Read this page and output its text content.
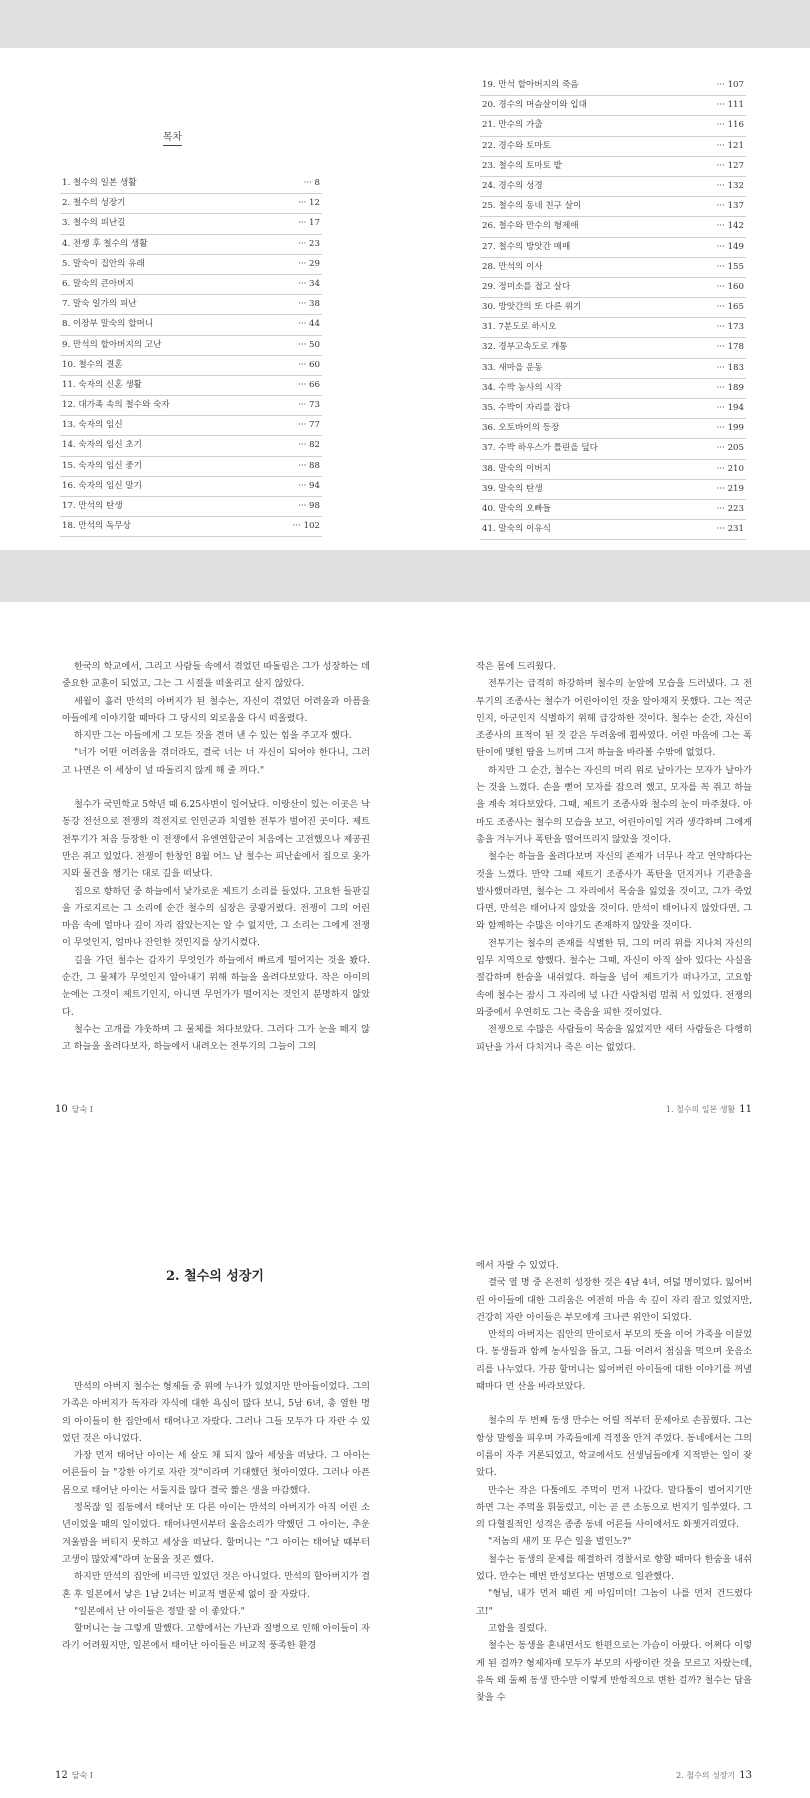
목차
1. 철수의 일본 생활	··· 8
2. 철수의 성장기	··· 12
3. 철수의 피난길	··· 17
4. 전쟁 후 철수의 생활	··· 23
5. 말숙이 집안의 유래	··· 29
6. 말숙의 큰아버지	··· 34
7. 말숙 일가의 피난	··· 38
8. 이장부 말숙의 할머니	··· 44
9. 만석의 할아버지의 고난	··· 50
10. 철수의 결혼	··· 60
11. 숙자의 신혼 생활	··· 66
12. 대가족 속의 철수와 숙자	··· 73
13. 숙자의 임신	··· 77
14. 숙자의 임신 초기	··· 82
15. 숙자의 임신 중기	··· 88
16. 숙자의 임신 말기	··· 94
17. 만석의 탄생	··· 98
18. 만석의 독무상	··· 102
19. 만석 할아버지의 죽음	··· 107
20. 경수의 머슴살이와 입대	··· 111
21. 만수의 가출	··· 116
22. 경수와 토마토	··· 121
23. 철수의 토마토 밭	··· 127
24. 경수의 성경	··· 132
25. 철수의 동네 친구 살이	··· 137
26. 철수와 만수의 형제애	··· 142
27. 철수의 방앗간 매매	··· 149
28. 만석의 이사	··· 155
29. 정미소를 접고 살다	··· 160
30. 방앗간의 또 다른 위기	··· 165
31. 7분도로 하시오	··· 173
32. 경부고속도로 개통	··· 178
33. 새마을 운동	··· 183
34. 수박 농사의 시작	··· 189
35. 수박이 자리를 잡다	··· 194
36. 오토바이의 등장	··· 199
37. 수박 하우스가 틀린을 덮다	··· 205
38. 말숙의 이버지	··· 210
39. 말숙의 탄생	··· 219
40. 말숙의 오빠들	··· 223
41. 말숙의 이유식	··· 231

한국의 학교에서, 그리고 사람들 속에서 겪었던 따돌림은 그가 성장하는 데 중요한 교훈이 되었고, 그는 그 시절을 떠올리고 살지 않았다.

세월이 흘러 만석의 아버지가 된 철수는, 자신이 겪었던 어려움과 아픔을 아들에게 이야기할 때마다 그 당시의 외로움을 다시 떠올렸다.

하지만 그는 아들에게 그 모든 것을 견뎌 낸 수 있는 힘을 주고자 했다.

"너가 어떤 어려움을 겪더라도, 결국 너는 너 자신이 되어야 한다니, 그러고 나면은 이 세상이 널 따돌리지 않게 해 줄 꺼다."

철수가 국민학교 5학년 때 6.25사변이 일어났다. 이랑산이 있는 이곳은 낙동강 전선으로 전쟁의 격전지로 인민군과 치열한 전투가 벌어진 곳이다. 제트전투기가 처음 등장한 이 전쟁에서 유엔연합군이 처음에는 고전했으나 제공권만은 쥐고 있었다. 전쟁이 한창인 8월 어느 날 철수는 피난솥에서 집으로 옷가지와 물건을 챙기는 대로 길을 떠났다.

집으로 향하던 중 하늘에서 낯가로운 제트기 소리를 들었다. 고요한 들판길을 가로지르는 그 소리에 순간 철수의 심장은 쿵쾅거렸다. 전쟁이 그의 어린 마음 속에 얼마나 깊이 자리 잡았는지는 알 수 없지만, 그 소리는 그에게 전쟁이 무엇인지, 얼마나 잔인한 것인지를 상기시켰다.

길을 가던 철수는 갑자기 무엇인가 하늘에서 빠르게 떨어지는 것을 봤다. 순간, 그 물체가 무엇인지 알아내기 위해 하늘을 올려다보았다. 작은 아이의 눈에는 그것이 제트기인지, 아니면 무언가가 떨어지는 것인지 분명하지 않았다.

철수는 고개를 갸웃하며 그 물체를 쳐다보았다. 그러다 그가 눈을 떼지 않고 하늘을 올려다보자, 하늘에서 내려오는 전투기의 그늘이 그의

작은 몸에 드리웠다.

전투기는 급격히 하강하며 철수의 눈앞에 모습을 드러냈다. 그 전투기의 조종사는 철수가 어린아이인 것을 알아채지 못했다. 그는 적군인지, 아군인지 식별하기 위해 급강하한 것이다. 철수는 순간, 자신이 조종사의 표적이 된 것 같은 두려움에 휩싸였다. 어린 마음에 그는 폭탄이에 맺힌 땀을 느끼며 그저 하늘을 바라볼 수밖에 없었다.

하지만 그 순간, 철수는 자신의 머리 위로 날아가는 모자가 날아가는 것을 느꼈다. 손을 뻗어 모자를 잡으려 했고, 모자를 꼭 쥐고 하늘을 계속 쳐다보았다. 그때, 제트기 조종사와 철수의 눈이 마주쳤다. 아마도 조종사는 철수의 모습을 보고, 어린아이일 거라 생각하며 그에게 총을 겨누거나 폭탄을 떨어뜨리지 않았을 것이다.

철수는 하늘을 올려다보며 자신의 존재가 너무나 작고 연약하다는 것을 느꼈다. 만약 그때 제트기 조종사가 폭탄을 던지거나 기관총을 발사했더라면, 철수는 그 자리에서 목숨을 잃었을 것이고, 그가 죽었다면, 만석은 태어나지 않았을 것이다. 만석이 태어나지 않았다면, 그와 함께하는 수많은 이야기도 존재하지 않았을 것이다.

전투기는 철수의 존재를 식별한 뒤, 그의 머리 위를 지나쳐 자신의 임무 지역으로 향했다. 철수는 그때, 자신이 아직 살아 있다는 사실을 절감하며 한숨을 내쉬었다. 하늘을 넘어 제트기가 떠나가고, 고요함 속에 철수는 잠시 그 자리에 넋 나간 사람처럼 멈춰 서 있었다. 전쟁의 와중에서 우연히도 그는 죽음을 피한 것이었다.

전쟁으로 수많은 사람들이 목숨을 잃었지만 새터 사람들은 다행히 피난을 가서 다치거나 죽은 이는 없었다.

10 달숙 I	1. 철수의 일본 생활 11
2. 철수의 성장기

만석의 아버지 철수는 형제들 중 위에 누나가 있었지만 만아들이었다. 그의 가족은 아버지가 독자라 자식에 대한 욕심이 많다 보니, 5남 6녀, 총 열한 명의 아이들이 한 집안에서 태어나고 자랐다. 그러나 그들 모두가 다 자란 수 있었던 것은 아니었다.

가장 먼저 태어난 아이는 세 살도 채 되지 않아 세상을 떠났다. 그 아이는 어른들이 늘 "강한 아기로 자란 것"이라며 기대했던 첫아이였다. 그러나 아픈 몸으로 태어난 아이는 서둘지를 않다 결국 짧은 생을 마감했다.

정목잖 일 집동에서 태어난 또 다른 아이는 만석의 아버지가 아직 어린 소년이었을 때의 일이었다. 태어나면서부터 울음소리가 약했던 그 아이는, 추운 겨울밤을 버티지 못하고 세상을 떠났다. 할머니는 "그 아이는 태어날 때부터 고생이 많았제"라며 눈물을 짓곤 했다.

하지만 만석의 집안에 비극만 있었던 것은 아니었다. 만석의 할아버지가 결혼 후 일본에서 낳은 1남 2녀는 비교적 별문제 없이 잘 자랐다.

"일본에서 난 아이들은 정말 잘 이 좋았다."

할머니는 늘 그렇게 말했다. 고향에서는 가난과 질병으로 인해 아이들이 자라기 어려웠지만, 일본에서 태어난 아이들은 비교적 풍족한 환경

에서 자랄 수 있었다.

결국 열 명 중 온전히 성장한 것은 4남 4녀, 여덟 명이었다. 잃어버린 아이들에 대한 그리움은 여전히 마음 속 깊이 자리 잡고 있었지만, 건강히 자란 아이들은 부모에게 크나큰 위안이 되었다.

만석의 아버지는 집안의 만이로서 부모의 뜻을 이어 가족을 이끌었다. 동생들과 함께 농사일을 돕고, 그들 어려서 점심을 먹으며 웃음소리를 나누었다. 가끔 할머니는 잃어버린 아이들에 대한 이야기를 꺼낼 때마다 먼 산을 바라보았다.

철수의 두 번째 동생 만수는 어릴 적부터 문제아로 손꼽혔다. 그는 항상 말썽을 피우며 가족들에게 걱정을 안겨 주었다. 동네에서는 그의 이름이 자주 거론되었고, 학교에서도 선생님들에게 지적받는 일이 잦았다.

만수는 작은 다툼에도 주먹이 먼저 나갔다. 말다툼이 벌어지기만 하면 그는 주먹을 휘둘렀고, 이는 곧 큰 소동으로 번지기 일쑤였다. 그의 다혈질적인 성격은 종종 동네 어른들 사이에서도 화젯거리였다.

"저놈의 새끼 또 무슨 일을 벌인노?"

철수는 동생의 문제를 해결하러 경찰서로 향할 때마다 한숨을 내쉬었다. 만수는 매번 반성보다는 변명으로 일관했다.

"형님, 내가 먼저 때린 게 아입미더! 그놈이 나를 먼저 건드렸다고!"

고함을 질렀다.

철수는 동생을 혼내면서도 한편으로는 가슴이 아팠다. 어쩌다 이렇게 된 걸까? 형제자매 모두가 부모의 사랑이란 것을 모르고 자랐는데, 유독 왜 둘째 동생 만수만 이렇게 반항적으로 변한 걸까? 철수는 답을 찾을 수

12 달숙 I	2. 철수의 성장기 13
